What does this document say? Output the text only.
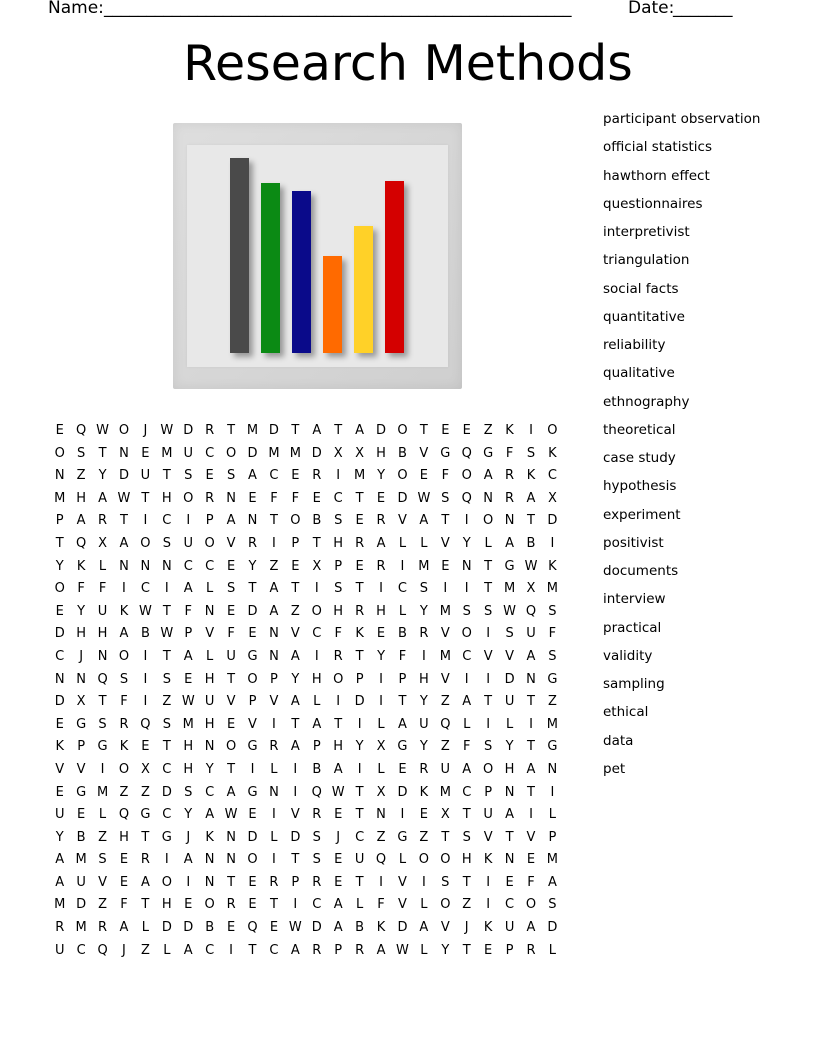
Name: _______________________________________________________	Date:
_______
Research Methods
participant observation
official statistics
hawthorn effect
questionnaires
interpretivist
triangulation
social facts
quantitative
reliability
qualitative
ethnography
theoretical
case study
hypothesis
experiment
positivist
documents
interview
practical
validity
sampling
ethical
data
pet
E Q W O	J	W D R T M D T A	T A D O T	E	E Z K	I	O
O S	T N E M U C O D M M D X X H B V G Q G F	S	K
N Z	Y D U T	S	E	S A C E R	I	M Y O E	F O A R K C
M H A W T H O R N E	F	F	E C T	E D W S Q N R A X
P	A R T	I	C	I	P	A N T O B S	E R V A	T	I	O N T D
T Q X A O S U O V R	I	P	T H R A	L	L	V	Y	L	A B	I
Y	K	L N N N C C E	Y Z E X	P	E R	I	M E N T G W K
O F	F	I	C	I	A	L	S	T A	T	I	S	T	I	C S	I	I	T M X M
E	Y U K W T	F N E D A Z O H R H L	Y M S	S W Q S
D H H A B W P	V	F	E N V C	F	K	E B R V O	I	S U F
C	J	N O	I	T A	L	U G N A	I	R T	Y	F	I	M C V V A S
N N Q S	I	S	E H T O P	Y H O P	I	P H V	I	I	D N G
D X	T	F	I	Z W U V	P	V A	L	I	D	I	T	Y Z A	T U T Z
E G S R Q S M H E V	I	T A	T	I	L	A U Q L	I	L	I	M
K	P G K	E	T H N O G R A	P H Y X G Y Z	F	S	Y	T G
V V	I	O X C H Y	T	I	L	I	B A	I	L	E R U A O H A N
E G M Z Z D S C A G N	I	Q W T X D K M C P N T	I
U E	L Q G C Y A W E	I	V R E	T N	I	E X	T U A	I	L
Y B Z H T G	J	K N D L D S	J	C Z G Z	T	S V	T V	P
A M S	E R	I	A N N O	I	T	S	E U Q L O O H K N E M
A U V E A O	I	N T	E R P R E	T	I	V	I	S	T	I	E	F	A
M D Z	F	T H E O R E	T	I	C A	L	F	V	L O Z	I	C O S
R M R A	L D D B E Q E W D A B K D A V	J	K U A D
U C Q	J	Z	L	A C	I	T C A R P R A W L	Y	T	E	P R	L
